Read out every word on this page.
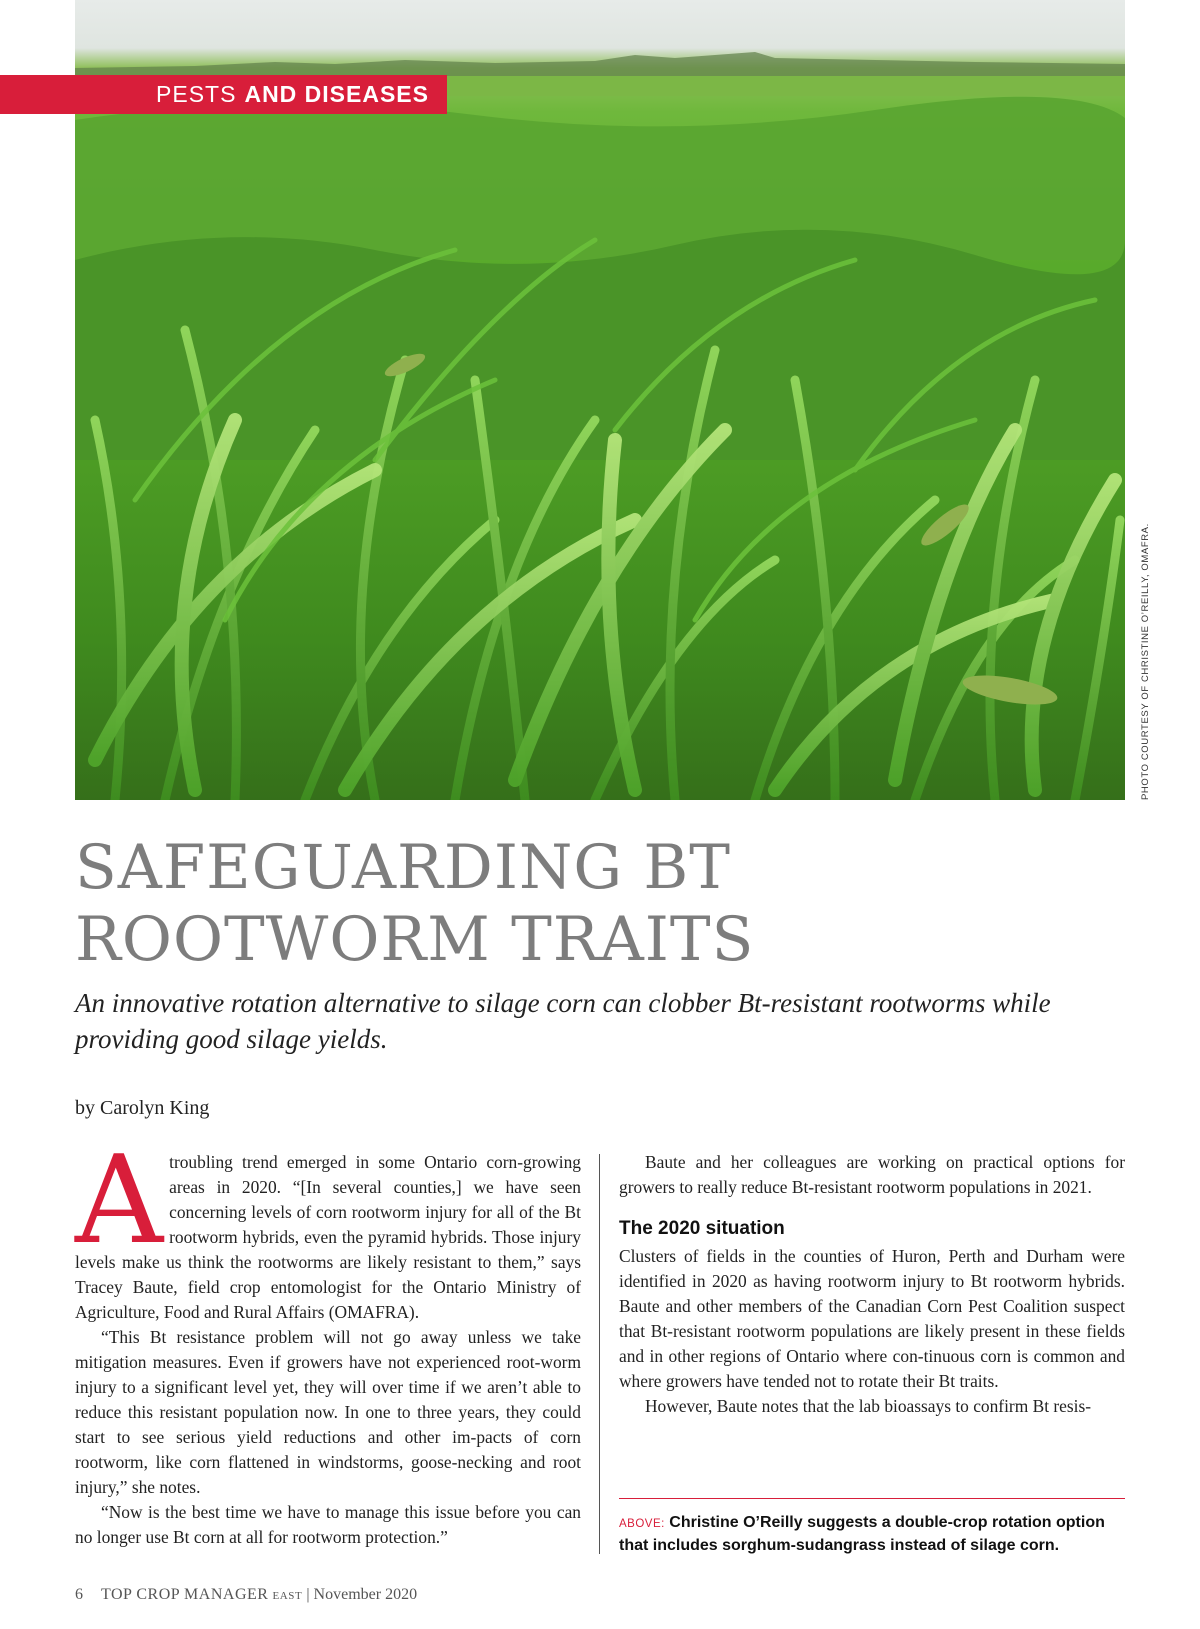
PESTS AND DISEASES
PHOTO COURTESY OF CHRISTINE O’REILLY, OMAFRA.
SAFEGUARDING BT
ROOTWORM TRAITS

An innovative rotation alternative to silage corn can clobber Bt-resistant rootworms while providing good silage yields.

by Carolyn King

A troubling trend emerged in some Ontario corn-growing areas in 2020. “[In several counties,] we have seen concerning levels of corn rootworm injury for all of the Bt rootworm hybrids, even the pyramid hybrids. Those injury levels make us think the rootworms are likely resistant to them,” says Tracey Baute, field crop entomologist for the Ontario Ministry of Agriculture, Food and Rural Affairs (OMAFRA).

“This Bt resistance problem will not go away unless we take mitigation measures. Even if growers have not experienced root-worm injury to a significant level yet, they will over time if we aren’t able to reduce this resistant population now. In one to three years, they could start to see serious yield reductions and other im-pacts of corn rootworm, like corn flattened in windstorms, goose-necking and root injury,” she notes.

“Now is the best time we have to manage this issue before you can no longer use Bt corn at all for rootworm protection.”

Baute and her colleagues are working on practical options for growers to really reduce Bt-resistant rootworm populations in 2021.

The 2020 situation

Clusters of fields in the counties of Huron, Perth and Durham were identified in 2020 as having rootworm injury to Bt rootworm hybrids. Baute and other members of the Canadian Corn Pest Coalition suspect that Bt-resistant rootworm populations are likely present in these fields and in other regions of Ontario where con-tinuous corn is common and where growers have tended not to rotate their Bt traits.

However, Baute notes that the lab bioassays to confirm Bt resis-

ABOVE: Christine O’Reilly suggests a double-crop rotation option that includes sorghum-sudangrass instead of silage corn.
6 TOP CROP MANAGER EAST | November 2020
